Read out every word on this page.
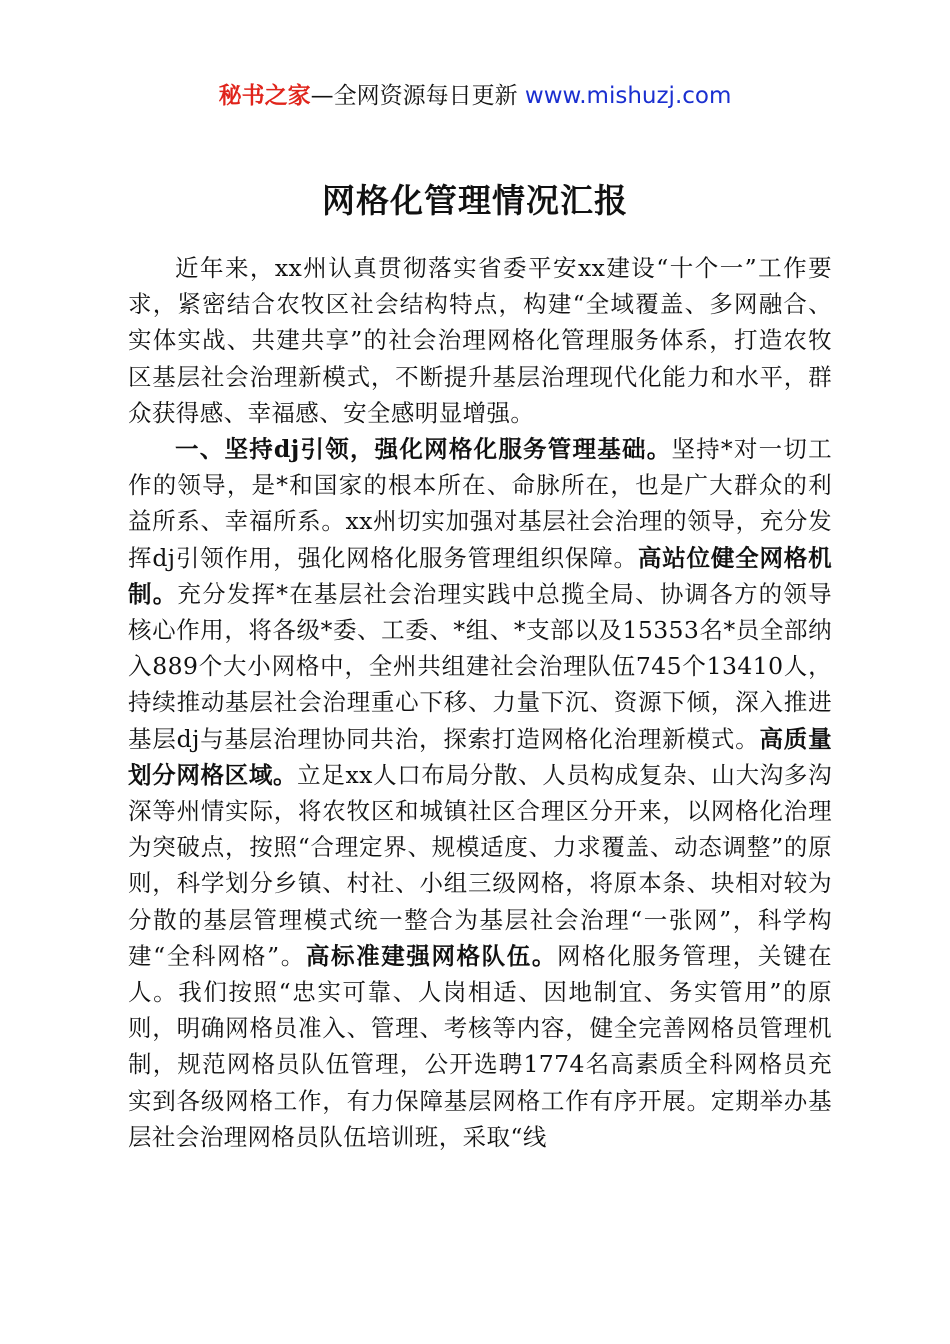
秘书之家—全网资源每日更新 www.mishuzj.com
网格化管理情况汇报

近年来，xx州认真贯彻落实省委平安xx建设“十个一”工作要求，紧密结合农牧区社会结构特点，构建“全域覆盖、多网融合、实体实战、共建共享”的社会治理网格化管理服务体系，打造农牧区基层社会治理新模式，不断提升基层治理现代化能力和水平，群众获得感、幸福感、安全感明显增强。

一、坚持dj引领，强化网格化服务管理基础。坚持*对一切工作的领导，是*和国家的根本所在、命脉所在，也是广大群众的利益所系、幸福所系。xx州切实加强对基层社会治理的领导，充分发挥dj引领作用，强化网格化服务管理组织保障。高站位健全网格机制。充分发挥*在基层社会治理实践中总揽全局、协调各方的领导核心作用，将各级*委、工委、*组、*支部以及15353名*员全部纳入889个大小网格中，全州共组建社会治理队伍745个13410人，持续推动基层社会治理重心下移、力量下沉、资源下倾，深入推进基层dj与基层治理协同共治，探索打造网格化治理新模式。高质量划分网格区域。立足xx人口布局分散、人员构成复杂、山大沟多沟深等州情实际，将农牧区和城镇社区合理区分开来，以网格化治理为突破点，按照“合理定界、规模适度、力求覆盖、动态调整”的原则，科学划分乡镇、村社、小组三级网格，将原本条、块相对较为分散的基层管理模式统一整合为基层社会治理“一张网”，科学构建“全科网格”。高标准建强网格队伍。网格化服务管理，关键在人。我们按照“忠实可靠、人岗相适、因地制宜、务实管用”的原则，明确网格员准入、管理、考核等内容，健全完善网格员管理机制，规范网格员队伍管理，公开选聘1774名高素质全科网格员充实到各级网格工作，有力保障基层网格工作有序开展。定期举办基层社会治理网格员队伍培训班，采取“线
